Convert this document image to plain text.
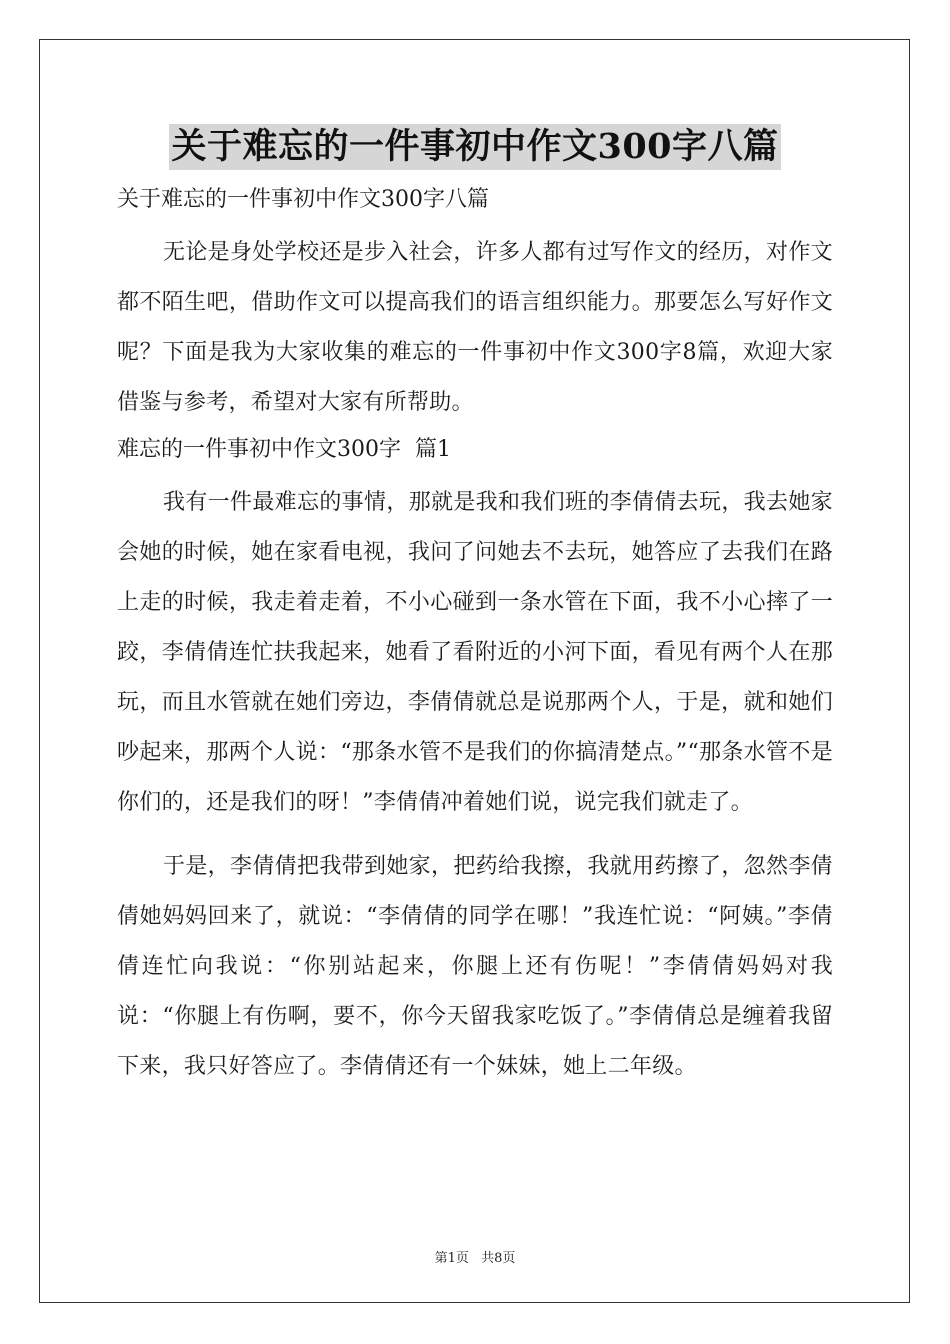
关于难忘的一件事初中作文300字八篇

关于难忘的一件事初中作文300字八篇

无论是身处学校还是步入社会，许多人都有过写作文的经历，对作文都不陌生吧，借助作文可以提高我们的语言组织能力。那要怎么写好作文呢？下面是我为大家收集的难忘的一件事初中作文300字8篇，欢迎大家借鉴与参考，希望对大家有所帮助。

难忘的一件事初中作文300字  篇1

我有一件最难忘的事情，那就是我和我们班的李倩倩去玩，我去她家会她的时候，她在家看电视，我问了问她去不去玩，她答应了去我们在路上走的时候，我走着走着，不小心碰到一条水管在下面，我不小心摔了一跤，李倩倩连忙扶我起来，她看了看附近的小河下面，看见有两个人在那玩，而且水管就在她们旁边，李倩倩就总是说那两个人，于是，就和她们吵起来，那两个人说：“那条水管不是我们的你搞清楚点。”“那条水管不是你们的，还是我们的呀！”李倩倩冲着她们说，说完我们就走了。

于是，李倩倩把我带到她家，把药给我擦，我就用药擦了，忽然李倩倩她妈妈回来了，就说：“李倩倩的同学在哪！”我连忙说：“阿姨。”李倩倩连忙向我说：“你别站起来，你腿上还有伤呢！”李倩倩妈妈对我说：“你腿上有伤啊，要不，你今天留我家吃饭了。”李倩倩总是缠着我留下来，我只好答应了。李倩倩还有一个妹妹，她上二年级。

第1页 共8页
